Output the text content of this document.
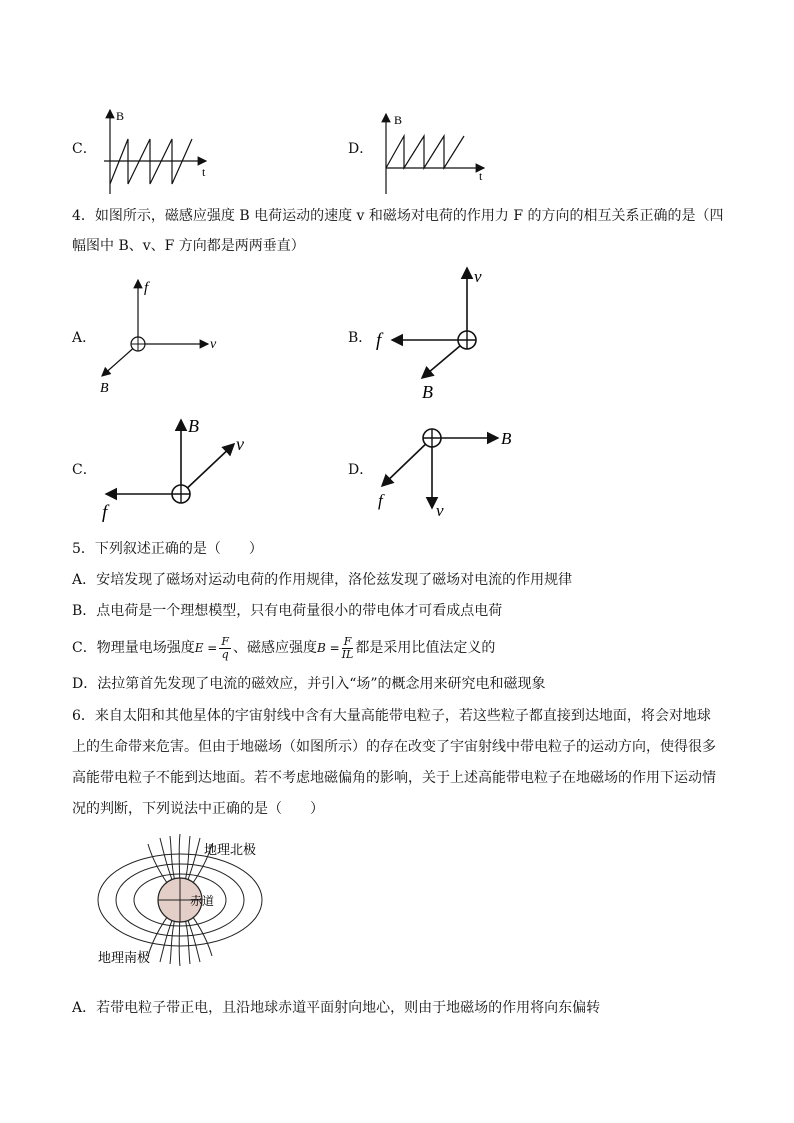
C．
B
t
D．
B
t
4．如图所示，磁感应强度 B 电荷运动的速度 v 和磁场对电荷的作用力 F 的方向的相互关系正确的是（四
幅图中 B、v、F 方向都是两两垂直）
A．
f
v
B
B．
v
f
B
C．
B
v
f
D．
B
v
f
5．下列叙述正确的是（　　）
A．安培发现了磁场对运动电荷的作用规律，洛伦兹发现了磁场对电流的作用规律
B．点电荷是一个理想模型，只有电荷量很小的带电体才可看成点电荷
C．物理量电场强度$E = \frac{F}{q}$ 、磁感应强度$B = \frac{F}{IL}$ 都是采用比值法定义的
D．法拉第首先发现了电流的磁效应，并引入“场”的概念用来研究电和磁现象
6．来自太阳和其他星体的宇宙射线中含有大量高能带电粒子，若这些粒子都直接到达地面，将会对地球
上的生命带来危害。但由于地磁场（如图所示）的存在改变了宇宙射线中带电粒子的运动方向，使得很多
高能带电粒子不能到达地面。若不考虑地磁偏角的影响，关于上述高能带电粒子在地磁场的作用下运动情
况的判断，下列说法中正确的是（　　）
地理北极
赤道
地理南极
A．若带电粒子带正电，且沿地球赤道平面射向地心，则由于地磁场的作用将向东偏转
